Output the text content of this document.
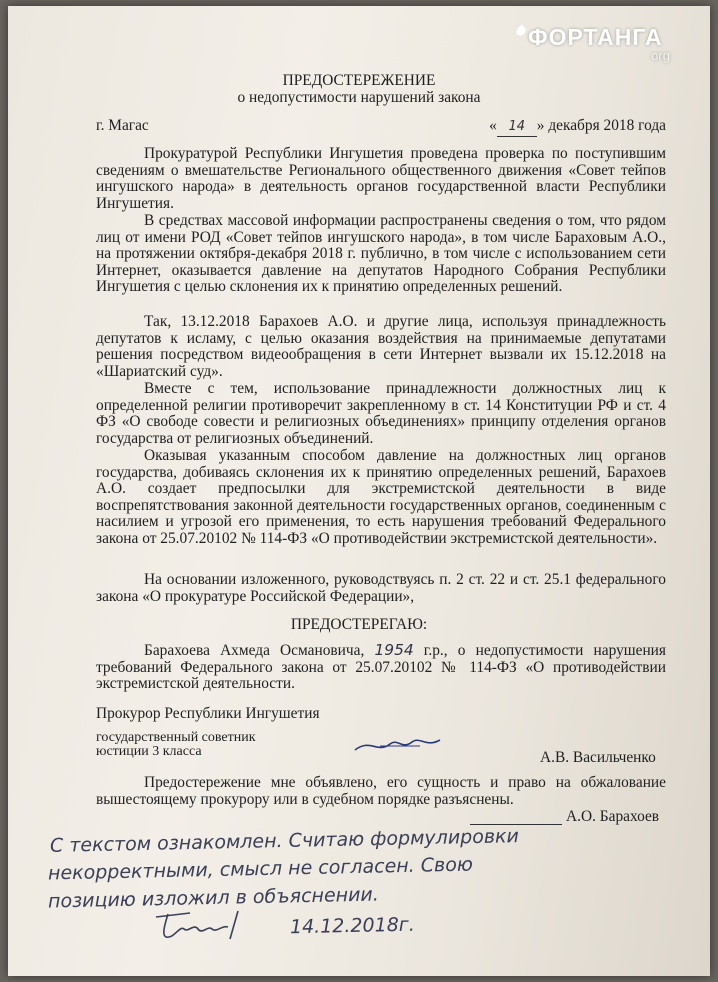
ФОРТАНГА
org
ПРЕДОСТЕРЕЖЕНИЕ
о недопустимости нарушений закона
г. Магас	« 14 » декабря 2018 года
Прокуратурой Республики Ингушетия проведена проверка по поступившим сведениям о вмешательстве Регионального общественного движения «Совет тейпов ингушского народа» в деятельность органов государственной власти Республики Ингушетия.
В средствах массовой информации распространены сведения о том, что рядом лиц от имени РОД «Совет тейпов ингушского народа», в том числе Бараховым А.О., на протяжении октября-декабря 2018 г. публично, в том числе с использованием сети Интернет, оказывается давление на депутатов Народного Собрания Республики Ингушетия с целью склонения их к принятию определенных решений.
Так, 13.12.2018 Барахоев А.О. и другие лица, используя принадлежность депутатов к исламу, с целью оказания воздействия на принимаемые депутатами решения посредством видеообращения в сети Интернет вызвали их 15.12.2018 на «Шариатский суд».
Вместе с тем, использование принадлежности должностных лиц к определенной религии противоречит закрепленному в ст. 14 Конституции РФ и ст. 4 ФЗ «О свободе совести и религиозных объединениях» принципу отделения органов государства от религиозных объединений.
Оказывая указанным способом давление на должностных лиц органов государства, добиваясь склонения их к принятию определенных решений, Барахоев А.О. создает предпосылки для экстремистской деятельности в виде воспрепятствования законной деятельности государственных органов, соединенным с насилием и угрозой его применения, то есть нарушения требований Федерального закона от 25.07.20102 № 114-ФЗ «О противодействии экстремистской деятельности».
На основании изложенного, руководствуясь п. 2 ст. 22 и ст. 25.1 федерального закона «О прокуратуре Российской Федерации»,
ПРЕДОСТЕРЕГАЮ:
Барахоева Ахмеда Османовича, 1954 г.р., о недопустимости нарушения требований Федерального закона от 25.07.20102 № 114-ФЗ «О противодействии экстремистской деятельности.
Прокурор Республики Ингушетия
государственный советник
юстиции 3 класса	А.В. Васильченко
Предостережение мне объявлено, его сущность и право на обжалование вышестоящему прокурору или в судебном порядке разъяснены.
А.О. Барахоев
С текстом ознакомлен. Считаю формулировки
некорректными, смысл не согласен. Свою
позицию изложил в объяснении.
14.12.2018г.
